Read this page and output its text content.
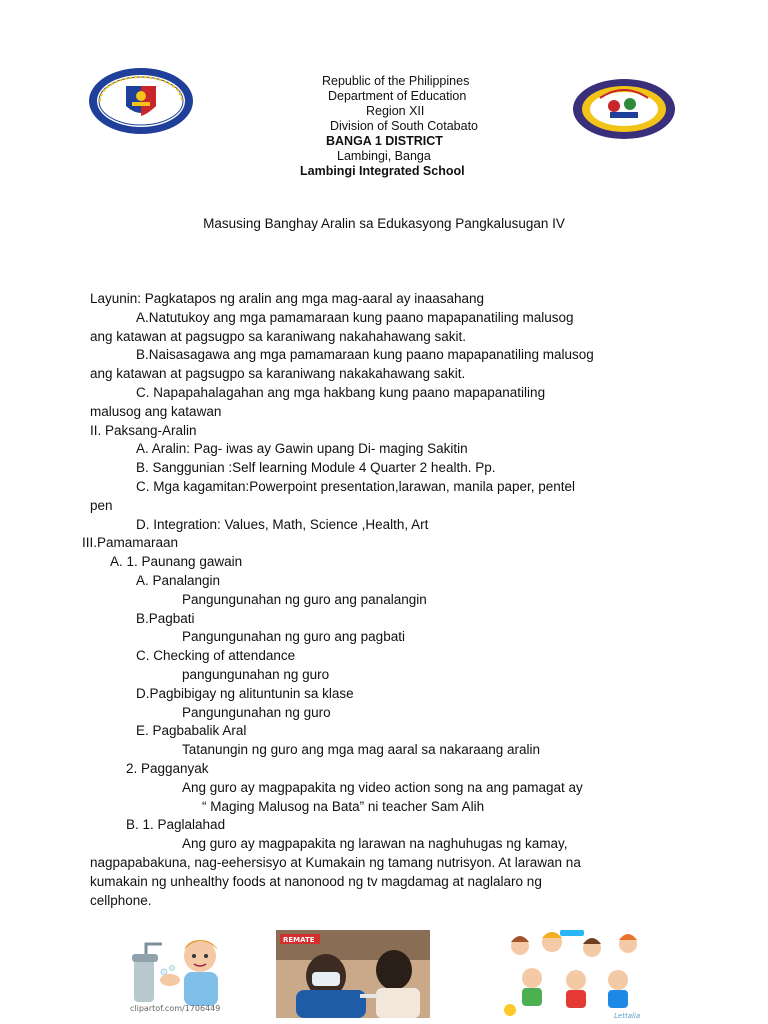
Republic of the Philippines
Department of Education
Region XII
Division of South Cotabato
BANGA 1 DISTRICT
Lambingi, Banga
Lambingi Integrated School
Masusing Banghay Aralin sa Edukasyong Pangkalusugan IV
Layunin: Pagkatapos ng aralin ang mga mag-aaral ay inaasahang
A.Natutukoy ang mga pamamaraan kung paano mapapanatiling malusog
ang katawan at pagsugpo sa karaniwang nakahahawang sakit.
B.Naisasagawa ang mga pamamaraan kung paano mapapanatiling malusog
ang katawan at pagsugpo sa karaniwang nakakahawang sakit.
C. Napapahalagahan ang mga hakbang kung paano mapapanatiling
malusog ang katawan
II. Paksang-Aralin
A. Aralin: Pag- iwas ay Gawin upang Di- maging Sakitin
B. Sanggunian :Self learning Module 4 Quarter 2 health. Pp.
C. Mga kagamitan:Powerpoint presentation,larawan, manila paper, pentel
pen
D. Integration: Values, Math, Science ,Health, Art
III.Pamamaraan
A. 1. Paunang gawain
A. Panalangin
Pangungunahan ng guro ang panalangin
B.Pagbati
Pangungunahan ng guro ang pagbati
C. Checking of attendance
pangungunahan ng guro
D.Pagbibigay ng alituntunin sa klase
Pangungunahan ng guro
E. Pagbabalik Aral
Tatanungin ng guro ang mga mag aaral sa nakaraang aralin
2. Pagganyak
Ang guro ay magpapakita ng video action song na ang pamagat ay
“ Maging Malusog na Bata” ni teacher Sam Alih
B. 1. Paglalahad
Ang guro ay magpapakita ng larawan na naghuhugas ng kamay,
nagpapabakuna, nag-eehersisyo at Kumakain ng tamang nutrisyon. At larawan na
kumakain ng unhealthy foods at nanonood ng tv magdamag at naglalaro ng
cellphone.
clipartof.com/1706449
REMATE
Lettalia
